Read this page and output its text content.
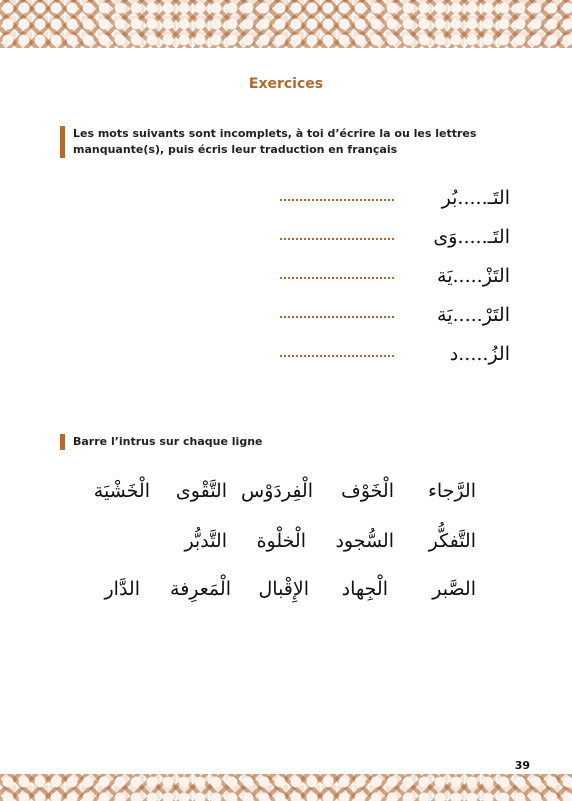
Exercices
Les mots suivants sont incomplets, à toi d’écrire la ou les lettres manquante(s), puis écris leur traduction en français
التَـ.....بُر
التَـ.....وَى
التَزْ.....يَة
التَرْ.....يَة
الزُ.....د
Barre l’intrus sur chaque ligne
الرَّجاء
الْخَوْف
الْفِردَوْس
التَّقْوى
الْخَشْيَة
التَّفكُّر
السُّجود
الْخلْوة
التَّدبُّر
الصَّبر
الْجِهاد
الإِقْبال
الْمَعرِفة
الدَّار
39
